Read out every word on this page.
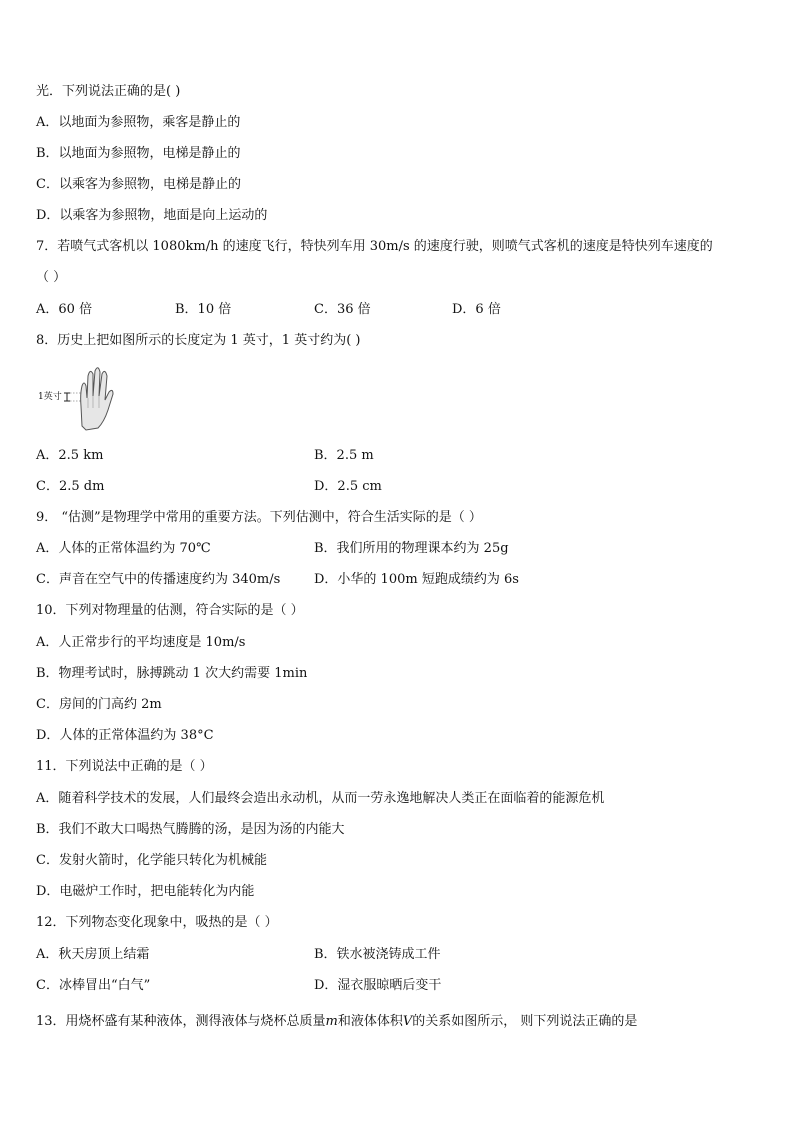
光．下列说法正确的是( )
A．以地面为参照物，乘客是静止的
B．以地面为参照物，电梯是静止的
C．以乘客为参照物，电梯是静止的
D．以乘客为参照物，地面是向上运动的
7．若喷气式客机以 1080km/h 的速度飞行，特快列车用 30m/s 的速度行驶，则喷气式客机的速度是特快列车速度的
（ ）
A．60 倍	B．10 倍	C．36 倍	D．6 倍
8．历史上把如图所示的长度定为 1 英寸，1 英寸约为( )
1英寸
A．2.5 km	B．2.5 m
C．2.5 dm	D．2.5 cm
9． “估测”是物理学中常用的重要方法。下列估测中，符合生活实际的是（ ）
A．人体的正常体温约为 70℃	B．我们所用的物理课本约为 25g
C．声音在空气中的传播速度约为 340m/s	D．小华的 100m 短跑成绩约为 6s
10．下列对物理量的估测，符合实际的是（ ）
A．人正常步行的平均速度是 10m/s
B．物理考试时，脉搏跳动 1 次大约需要 1min
C．房间的门高约 2m
D．人体的正常体温约为 38°C
11．下列说法中正确的是（ ）
A．随着科学技术的发展，人们最终会造出永动机，从而一劳永逸地解决人类正在面临着的能源危机
B．我们不敢大口喝热气腾腾的汤，是因为汤的内能大
C．发射火箭时，化学能只转化为机械能
D．电磁炉工作时，把电能转化为内能
12．下列物态变化现象中，吸热的是（ ）
A．秋天房顶上结霜	B．铁水被浇铸成工件
C．冰棒冒出“白气”	D．湿衣服晾晒后变干
13．用烧杯盛有某种液体，测得液体与烧杯总质量m和液体体积V的关系如图所示， 则下列说法正确的是
